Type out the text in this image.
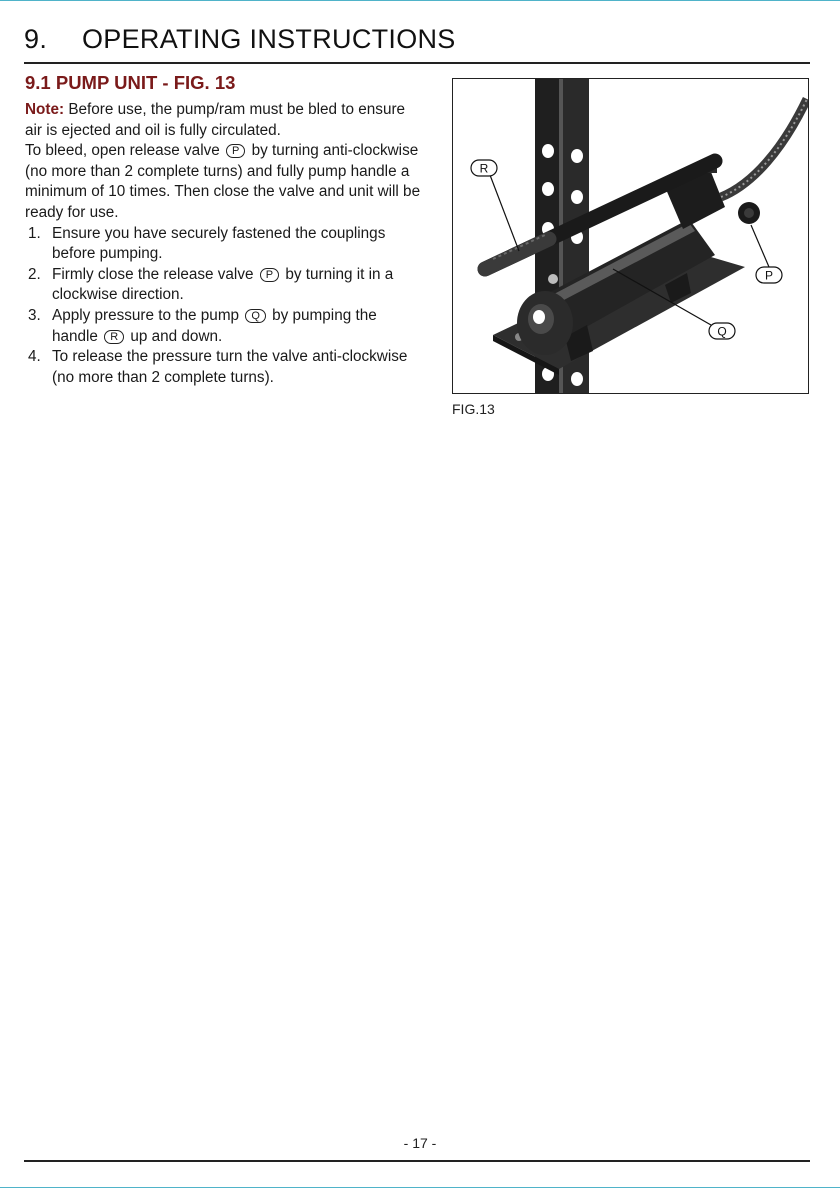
9. OPERATING INSTRUCTIONS
9.1 PUMP UNIT - FIG. 13

Note: Before use, the pump/ram must be bled to ensure air is ejected and oil is fully circulated.

To bleed, open release valve P by turning anti-clockwise (no more than 2 complete turns) and fully pump handle a minimum of 10 times. Then close the valve and unit will be ready for use.

1. Ensure you have securely fastened the couplings before pumping.
2. Firmly close the release valve P by turning it in a clockwise direction.
3. Apply pressure to the pump Q by pumping the handle R up and down.
4. To release the pressure turn the valve anti-clockwise (no more than 2 complete turns).
R
P
Q
FIG.13
- 17 -
